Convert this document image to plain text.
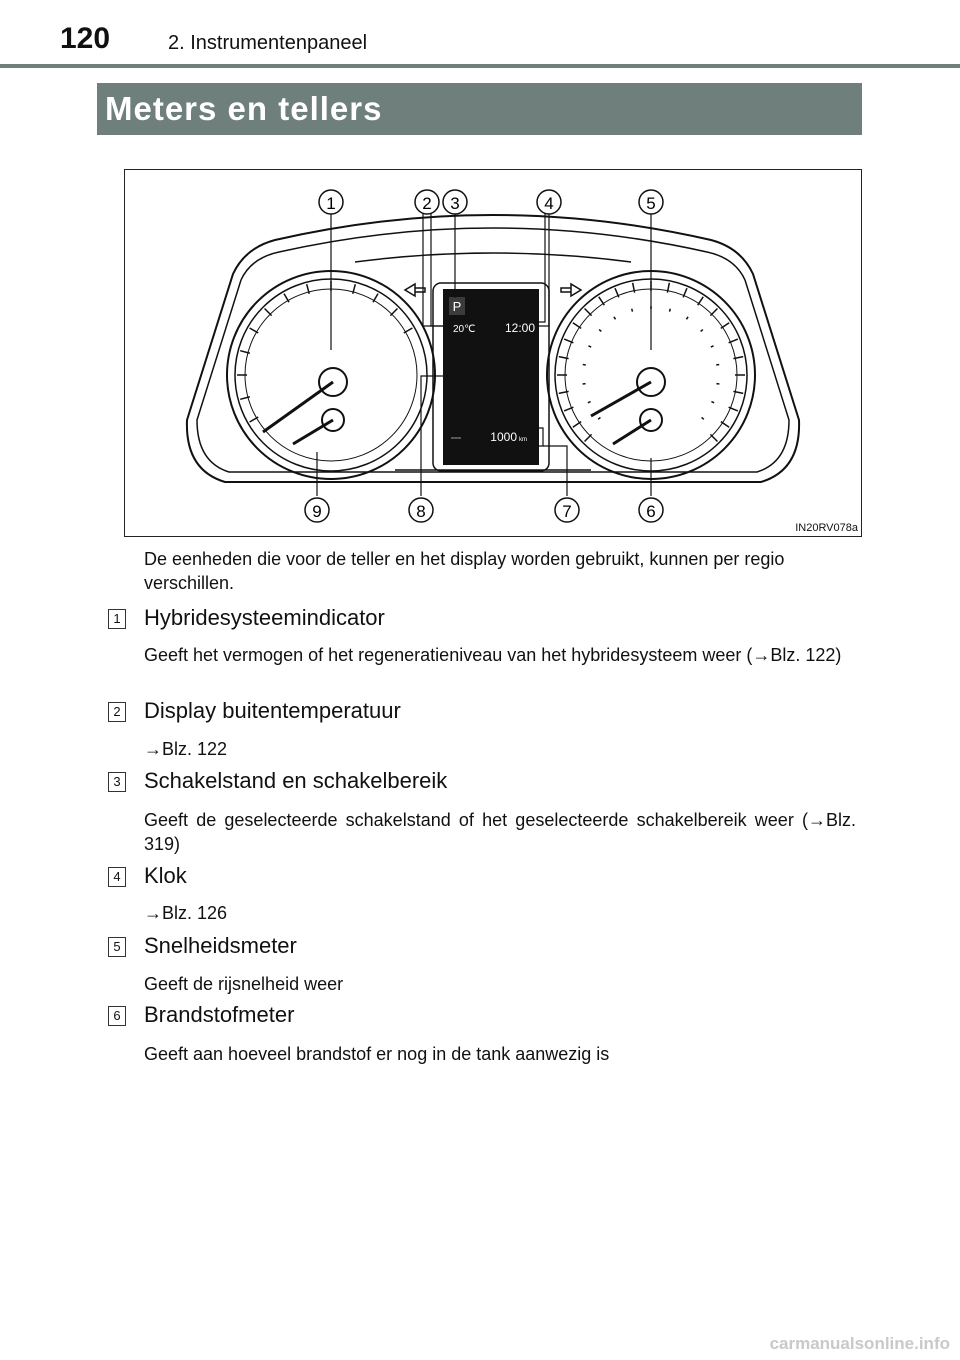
120	2. Instrumentenpaneel
Meters en tellers
P
20℃ 12:00
1000 km
1	2 3	4	5
6
7
8
9
IN20RV078a
De eenheden die voor de teller en het display worden gebruikt, kunnen per regio verschillen.
1 Hybridesysteemindicator
Geeft het vermogen of het regeneratieniveau van het hybridesysteem weer (→Blz. 122)
2 Display buitentemperatuur
→Blz. 122
3 Schakelstand en schakelbereik
Geeft de geselecteerde schakelstand of het geselecteerde schakelbereik weer (→Blz. 319)
4 Klok
→Blz. 126
5 Snelheidsmeter
Geeft de rijsnelheid weer
6 Brandstofmeter
Geeft aan hoeveel brandstof er nog in de tank aanwezig is
carmanualsonline.info
